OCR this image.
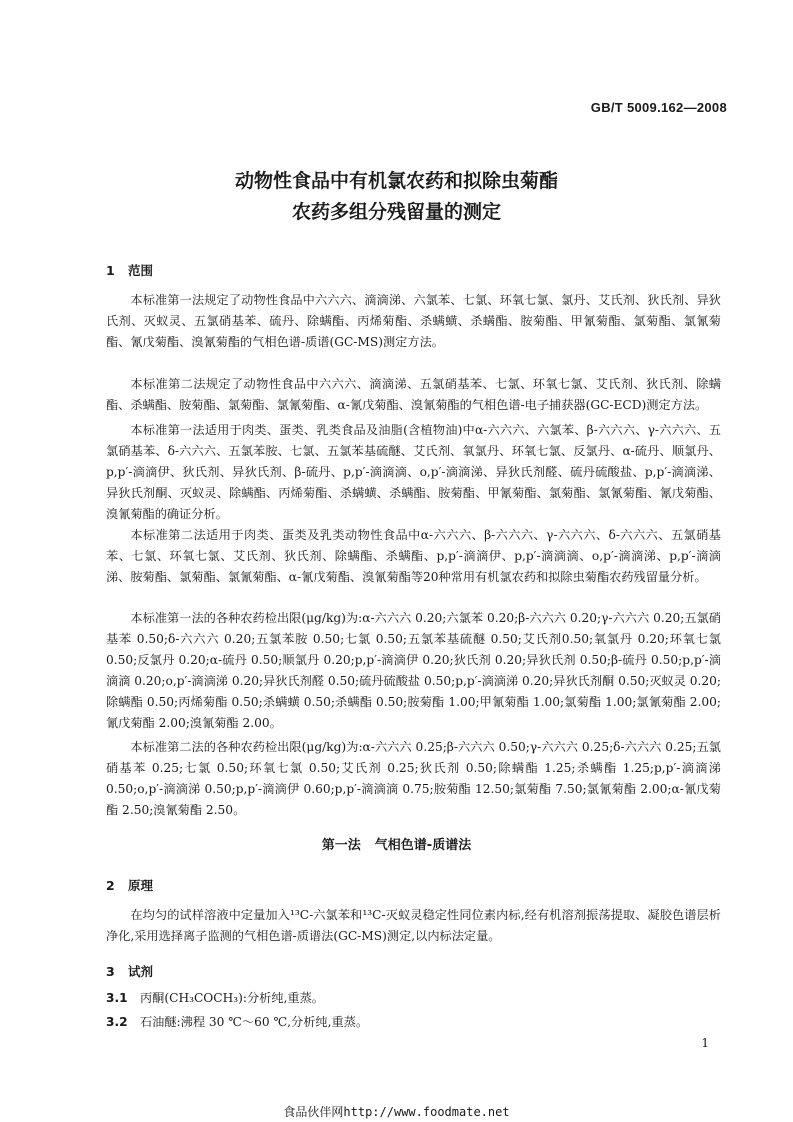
GB/T 5009.162—2008
动物性食品中有机氯农药和拟除虫菊酯
农药多组分残留量的测定
1 范围

本标准第一法规定了动物性食品中六六六、滴滴涕、六氯苯、七氯、环氧七氯、氯丹、艾氏剂、狄氏剂、异狄氏剂、灭蚁灵、五氯硝基苯、硫丹、除螨酯、丙烯菊酯、杀螨蟥、杀螨酯、胺菊酯、甲氰菊酯、氯菊酯、氯氰菊酯、氰戊菊酯、溴氰菊酯的气相色谱-质谱(GC-MS)测定方法。

本标准第二法规定了动物性食品中六六六、滴滴涕、五氯硝基苯、七氯、环氧七氯、艾氏剂、狄氏剂、除螨酯、杀螨酯、胺菊酯、氯菊酯、氯氰菊酯、α-氰戊菊酯、溴氰菊酯的气相色谱-电子捕获器(GC-ECD)测定方法。

本标准第一法适用于肉类、蛋类、乳类食品及油脂(含植物油)中α-六六六、六氯苯、β-六六六、γ-六六六、五氯硝基苯、δ-六六六、五氯苯胺、七氯、五氯苯基硫醚、艾氏剂、氧氯丹、环氧七氯、反氯丹、α-硫丹、顺氯丹、p,p′-滴滴伊、狄氏剂、异狄氏剂、β-硫丹、p,p′-滴滴滴、o,p′-滴滴涕、异狄氏剂醛、硫丹硫酸盐、p,p′-滴滴涕、异狄氏剂酮、灭蚁灵、除螨酯、丙烯菊酯、杀螨蟥、杀螨酯、胺菊酯、甲氰菊酯、氯菊酯、氯氰菊酯、氰戊菊酯、溴氰菊酯的确证分析。

本标准第二法适用于肉类、蛋类及乳类动物性食品中α-六六六、β-六六六、γ-六六六、δ-六六六、五氯硝基苯、七氯、环氧七氯、艾氏剂、狄氏剂、除螨酯、杀螨酯、p,p′-滴滴伊、p,p′-滴滴滴、o,p′-滴滴涕、p,p′-滴滴涕、胺菊酯、氯菊酯、氯氰菊酯、α-氰戊菊酯、溴氰菊酯等20种常用有机氯农药和拟除虫菊酯农药残留量分析。

本标准第一法的各种农药检出限(μg/kg)为:α-六六六 0.20;六氯苯 0.20;β-六六六 0.20;γ-六六六 0.20;五氯硝基苯 0.50;δ-六六六 0.20;五氯苯胺 0.50;七氯 0.50;五氯苯基硫醚 0.50;艾氏剂0.50;氧氯丹 0.20;环氧七氯 0.50;反氯丹 0.20;α-硫丹 0.50;顺氯丹 0.20;p,p′-滴滴伊 0.20;狄氏剂 0.20;异狄氏剂 0.50;β-硫丹 0.50;p,p′-滴滴滴 0.20;o,p′-滴滴涕 0.20;异狄氏剂醛 0.50;硫丹硫酸盐 0.50;p,p′-滴滴涕 0.20;异狄氏剂酮 0.50;灭蚁灵 0.20;除螨酯 0.50;丙烯菊酯 0.50;杀螨蟥 0.50;杀螨酯 0.50;胺菊酯 1.00;甲氰菊酯 1.00;氯菊酯 1.00;氯氰菊酯 2.00;氰戊菊酯 2.00;溴氰菊酯 2.00。

本标准第二法的各种农药检出限(μg/kg)为:α-六六六 0.25;β-六六六 0.50;γ-六六六 0.25;δ-六六六 0.25;五氯硝基苯 0.25;七氯 0.50;环氧七氯 0.50;艾氏剂 0.25;狄氏剂 0.50;除螨酯 1.25;杀螨酯 1.25;p,p′-滴滴涕 0.50;o,p′-滴滴涕 0.50;p,p′-滴滴伊 0.60;p,p′-滴滴滴 0.75;胺菊酯 12.50;氯菊酯 7.50;氯氰菊酯 2.00;α-氰戊菊酯 2.50;溴氰菊酯 2.50。

第一法 气相色谱-质谱法
2 原理

在均匀的试样溶液中定量加入¹³C-六氯苯和¹³C-灭蚁灵稳定性同位素内标,经有机溶剂振荡提取、凝胶色谱层析净化,采用选择离子监测的气相色谱-质谱法(GC-MS)测定,以内标法定量。

3 试剂
3.1 丙酮(CH₃COCH₃):分析纯,重蒸。
3.2 石油醚:沸程 30 ℃～60 ℃,分析纯,重蒸。
1
食品伙伴网http://www.foodmate.net
